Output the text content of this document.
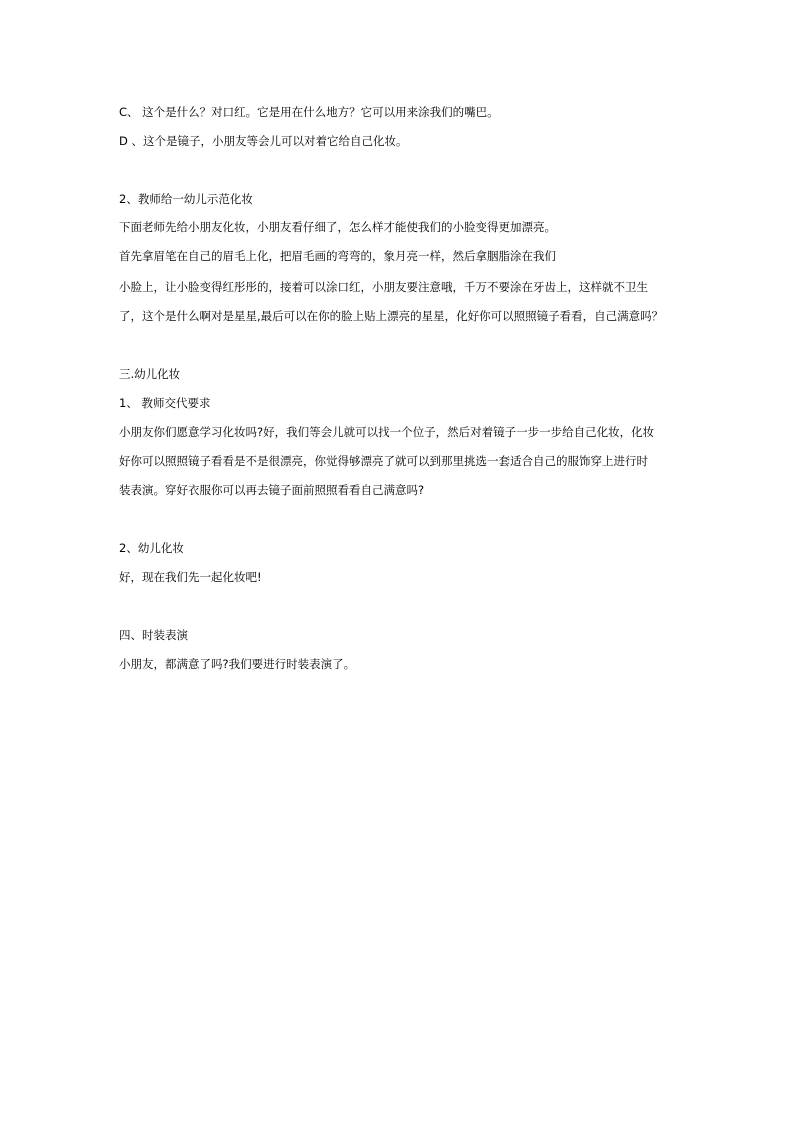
C、 这个是什么？对口红。它是用在什么地方？它可以用来涂我们的嘴巴。
D 、这个是镜子，小朋友等会儿可以对着它给自己化妆。
2、教师给一幼儿示范化妆
下面老师先给小朋友化妆，小朋友看仔细了，怎么样才能使我们的小脸变得更加漂亮。
首先拿眉笔在自己的眉毛上化，把眉毛画的弯弯的，象月亮一样，然后拿胭脂涂在我们
小脸上，让小脸变得红彤彤的，接着可以涂口红，小朋友要注意哦，千万不要涂在牙齿上，这样就不卫生
了，这个是什么啊对是星星,最后可以在你的脸上贴上漂亮的星星，化好你可以照照镜子看看，自己满意吗？
三.幼儿化妆
1、 教师交代要求
小朋友你们愿意学习化妆吗?好，我们等会儿就可以找一个位子，然后对着镜子一步一步给自己化妆，化妆
好你可以照照镜子看看是不是很漂亮，你觉得够漂亮了就可以到那里挑选一套适合自己的服饰穿上进行时
装表演。穿好衣服你可以再去镜子面前照照看看自己满意吗?
2、幼儿化妆
好，现在我们先一起化妆吧!
四、时装表演
小朋友，都满意了吗?我们要进行时装表演了。
